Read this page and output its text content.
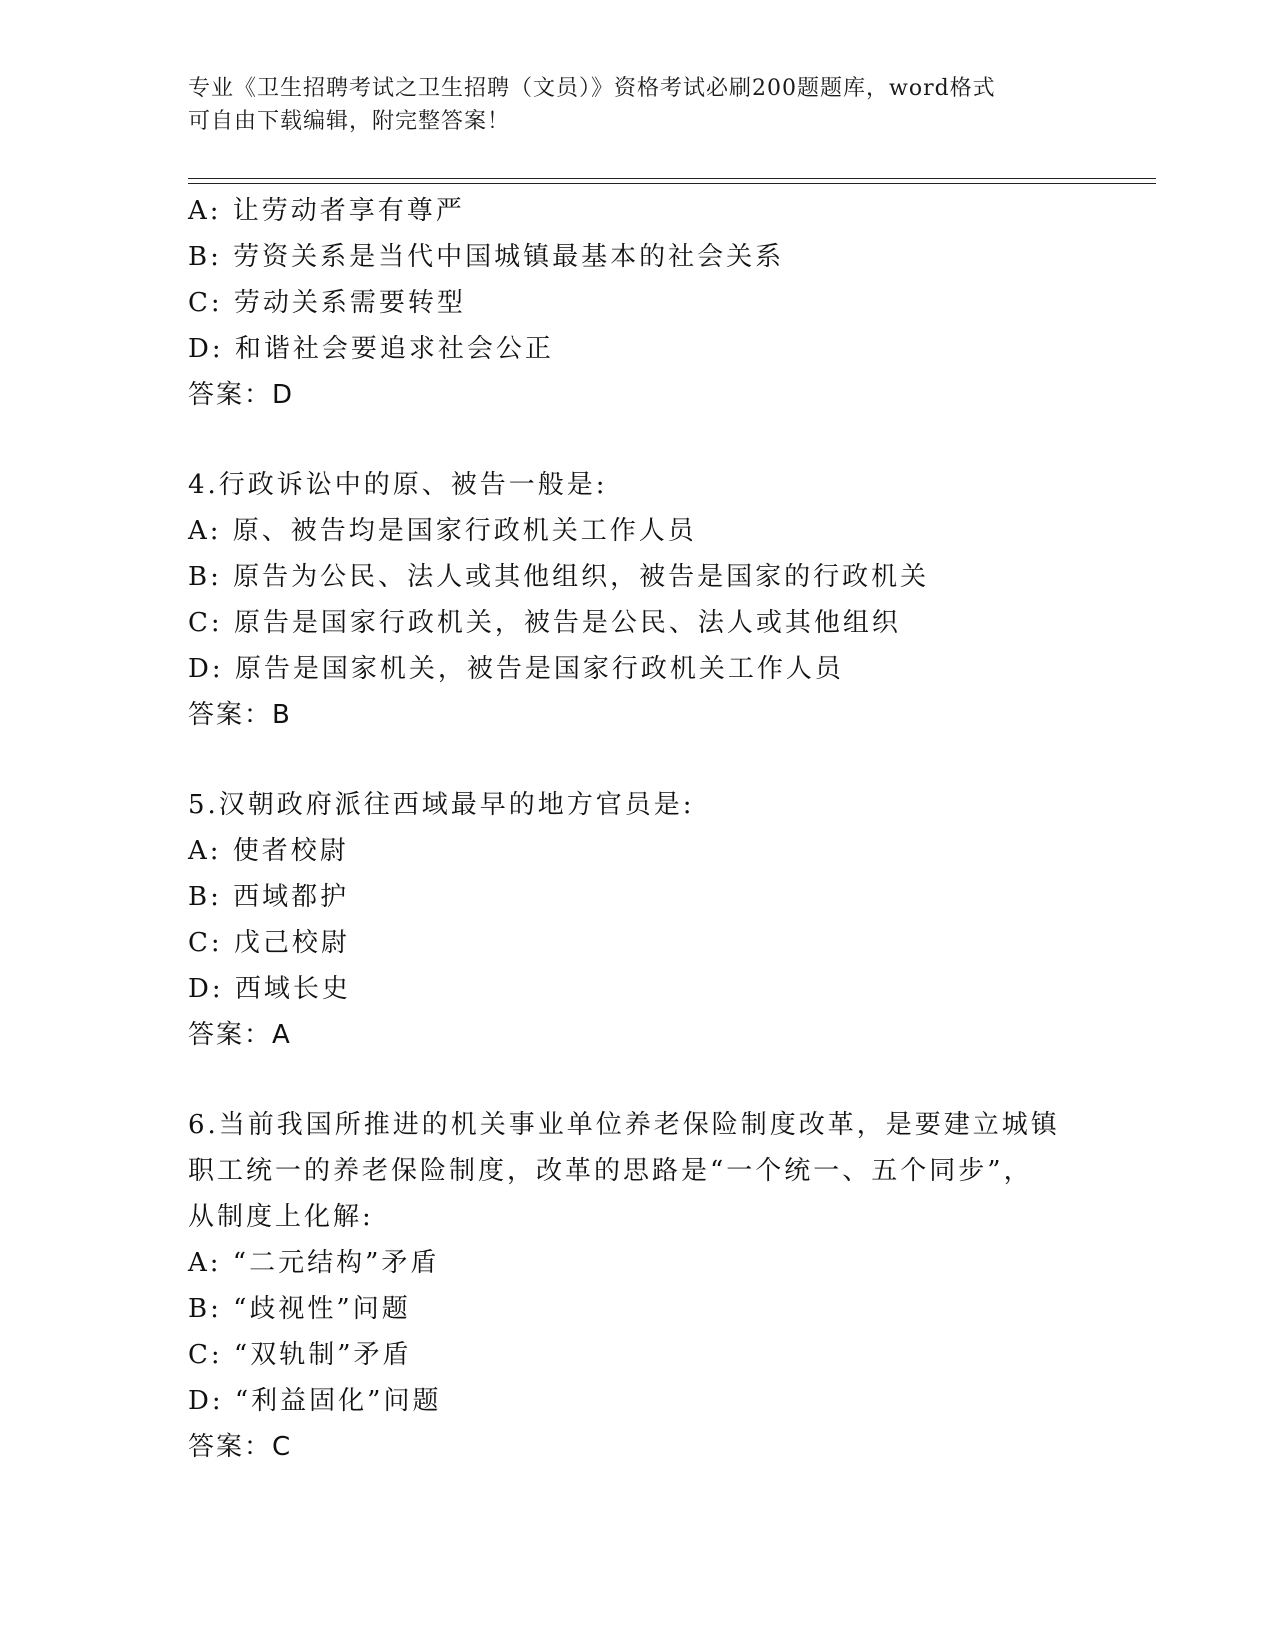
专业《卫生招聘考试之卫生招聘（文员）》资格考试必刷200题题库，word格式
可自由下载编辑，附完整答案！
A: 让劳动者享有尊严
B: 劳资关系是当代中国城镇最基本的社会关系
C: 劳动关系需要转型
D: 和谐社会要追求社会公正
答案：D
4.行政诉讼中的原、被告一般是:
A: 原、被告均是国家行政机关工作人员
B: 原告为公民、法人或其他组织，被告是国家的行政机关
C: 原告是国家行政机关，被告是公民、法人或其他组织
D: 原告是国家机关，被告是国家行政机关工作人员
答案：B
5.汉朝政府派往西域最早的地方官员是:
A: 使者校尉
B: 西域都护
C: 戊己校尉
D: 西域长史
答案：A
6.当前我国所推进的机关事业单位养老保险制度改革，是要建立城镇
职工统一的养老保险制度，改革的思路是“一个统一、五个同步”，
从制度上化解:
A: “二元结构”矛盾
B: “歧视性”问题
C: “双轨制”矛盾
D: “利益固化”问题
答案：C
